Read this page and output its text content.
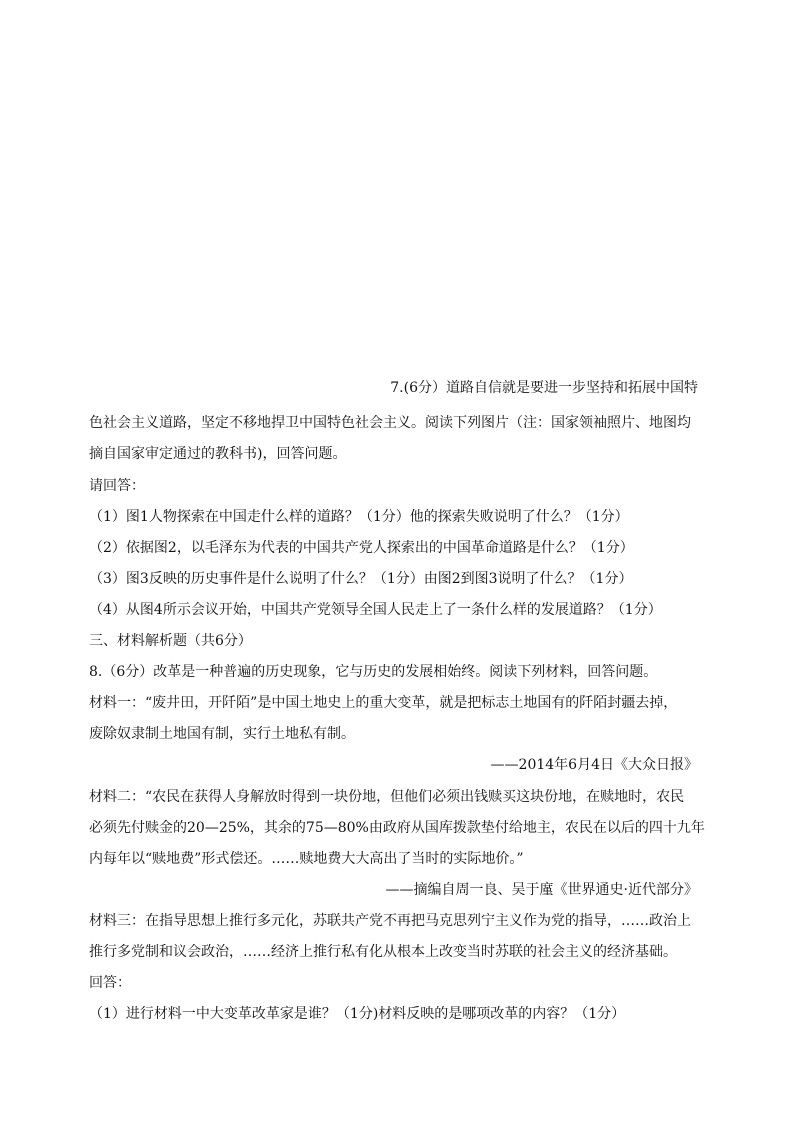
7.(6分）道路自信就是要进一步坚持和拓展中国特
色社会主义道路，坚定不移地捍卫中国特色社会主义。阅读下列图片（注：国家领袖照片、地图均
摘自国家审定通过的教科书)，回答问题。
请回答：
（1）图1人物探索在中国走什么样的道路？（1分）他的探索失败说明了什么？（1分）
（2）依据图2，以毛泽东为代表的中国共产党人探索出的中国革命道路是什么？（1分）
（3）图3反映的历史事件是什么说明了什么？（1分）由图2到图3说明了什么？（1分）
（4）从图4所示会议开始，中国共产党领导全国人民走上了一条什么样的发展道路？（1分）
三、材料解析题（共6分）
8.（6分）改革是一种普遍的历史现象，它与历史的发展相始终。阅读下列材料，回答问题。
材料一：“废井田，开阡陌”是中国土地史上的重大变革，就是把标志土地国有的阡陌封疆去掉，
废除奴隶制土地国有制，实行土地私有制。
——2014年6月4日《大众日报》
材料二：“农民在获得人身解放时得到一块份地，但他们必须出钱赎买这块份地，在赎地时，农民
必须先付赎金的20—25%，其余的75—80%由政府从国库拨款垫付给地主，农民在以后的四十九年
内每年以“赎地费”形式偿还。……赎地费大大高出了当时的实际地价。”
——摘编自周一良、吴于廑《世界通史·近代部分》
材料三：在指导思想上推行多元化，苏联共产党不再把马克思列宁主义作为党的指导，……政治上
推行多党制和议会政治，……经济上推行私有化从根本上改变当时苏联的社会主义的经济基础。
回答：
（1）进行材料一中大变革改革家是谁？（1分)材料反映的是哪项改革的内容？（1分）
